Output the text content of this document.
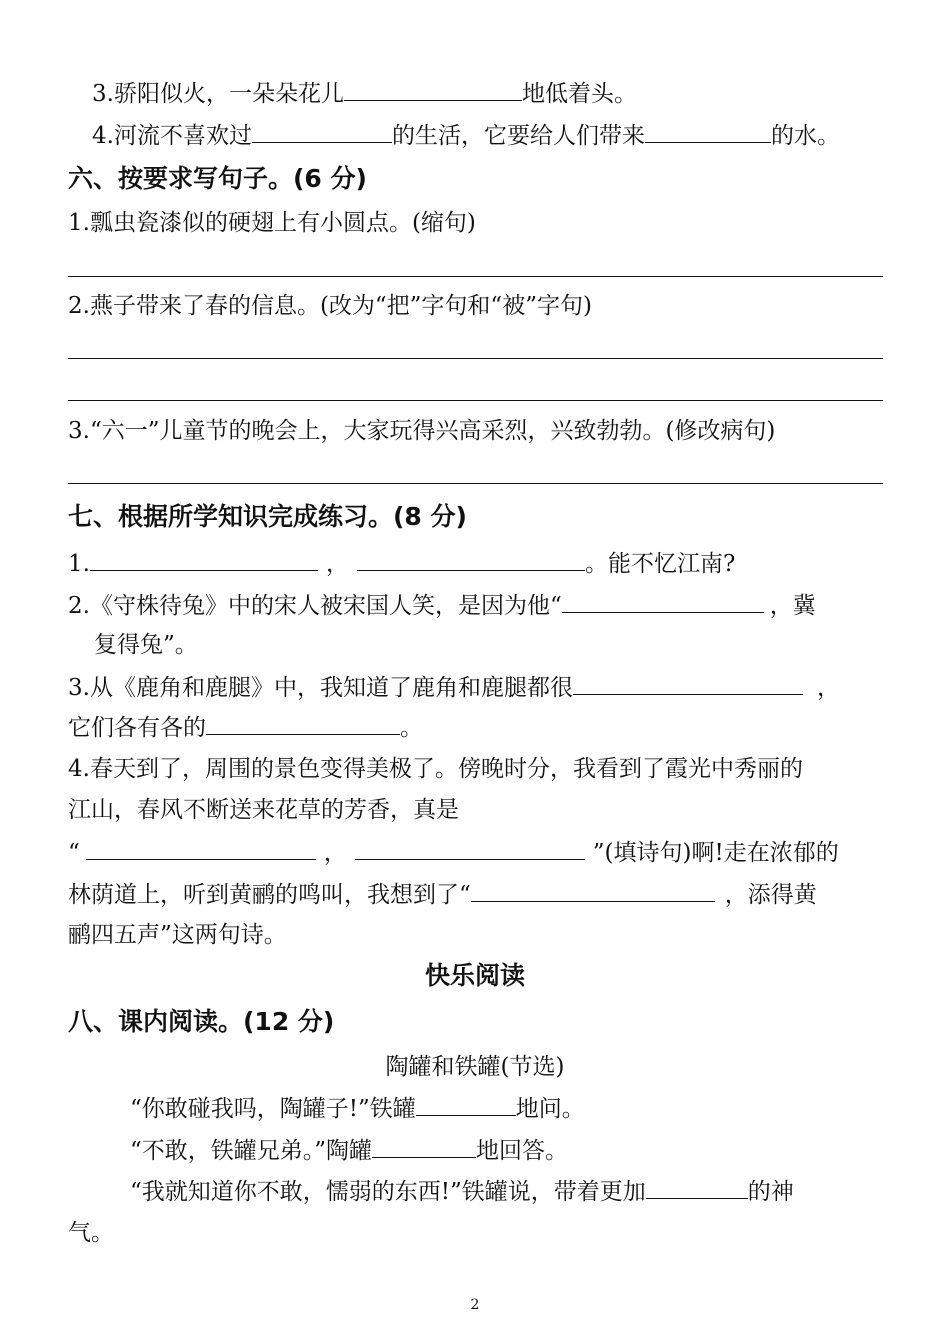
3.骄阳似火，一朵朵花儿	地低着头。
4.河流不喜欢过	的生活，它要给人们带来	的水。
六、按要求写句子。(6 分)
1.瓢虫瓷漆似的硬翅上有小圆点。(缩句)
2.燕子带来了春的信息。(改为“把”字句和“被”字句)
3.“六一”儿童节的晚会上，大家玩得兴高采烈，兴致勃勃。(修改病句)
七、根据所学知识完成练习。(8 分)
1.	，	。能不忆江南?
2.《守株待兔》中的宋人被宋国人笑，是因为他“	，冀
复得兔”。
3.从《鹿角和鹿腿》中，我知道了鹿角和鹿腿都很	，
它们各有各的	。
4.春天到了，周围的景色变得美极了。傍晚时分，我看到了霞光中秀丽的
江山，春风不断送来花草的芳香，真是
“	，	”(填诗句)啊!走在浓郁的
林荫道上，听到黄鹂的鸣叫，我想到了“	，添得黄
鹂四五声”这两句诗。
快乐阅读
八、课内阅读。(12 分)
陶罐和铁罐(节选)
“你敢碰我吗，陶罐子!”铁罐	地问。
“不敢，铁罐兄弟。”陶罐	地回答。
“我就知道你不敢，懦弱的东西!”铁罐说，带着更加	的神
气。
2
